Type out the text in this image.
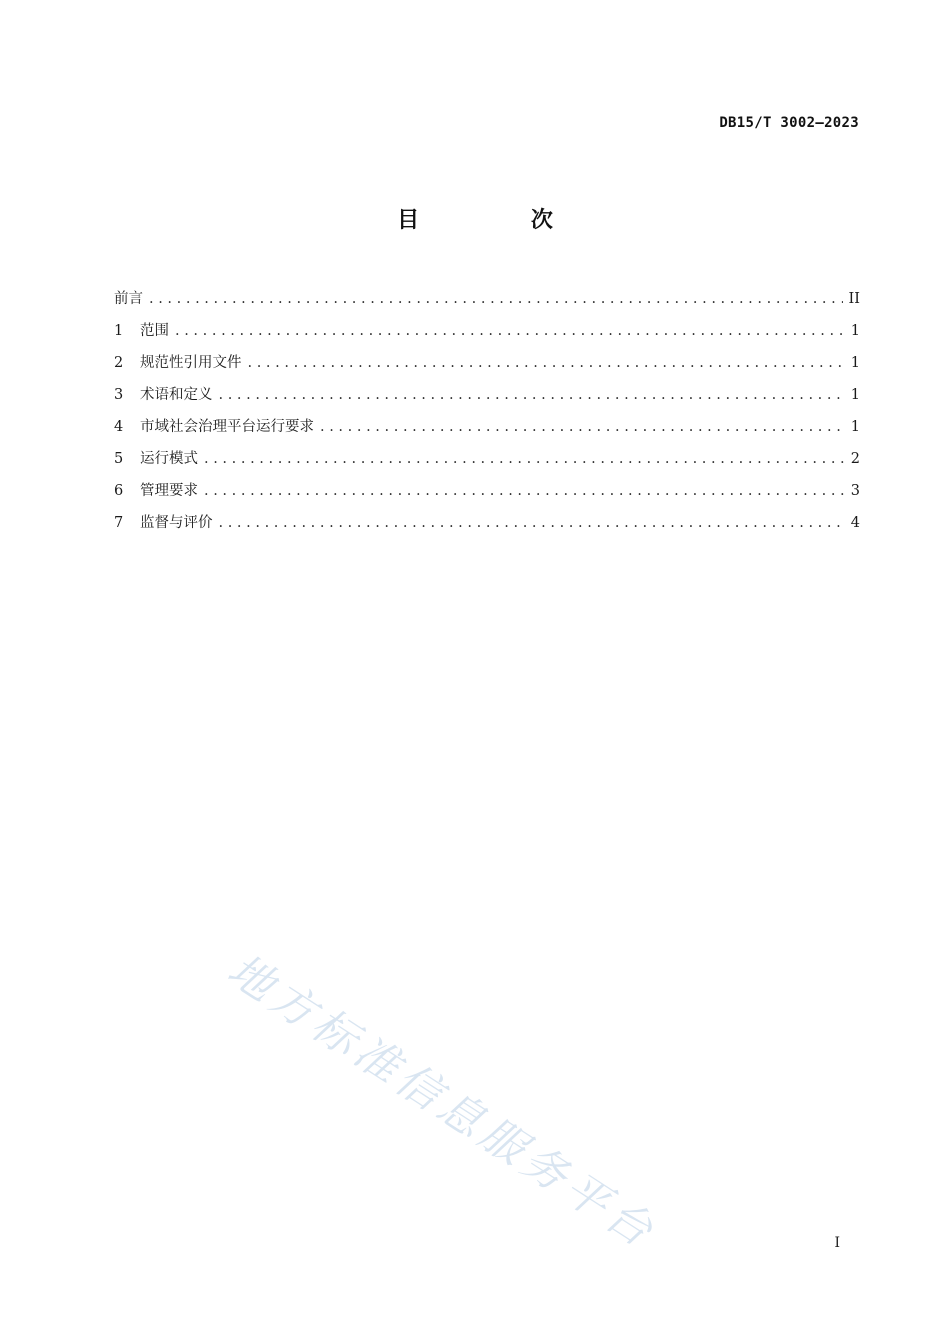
DB15/T 3002—2023
目 次
前言 . . .	II
1	范围 . . .	1
2	规范性引用文件 . . .	1
3	术语和定义 . . .	1
4	市域社会治理平台运行要求 . . .	1
5	运行模式 . . .	2
6	管理要求 . . .	3
7	监督与评价 . . .	4
地方标准信息服务平台	I
